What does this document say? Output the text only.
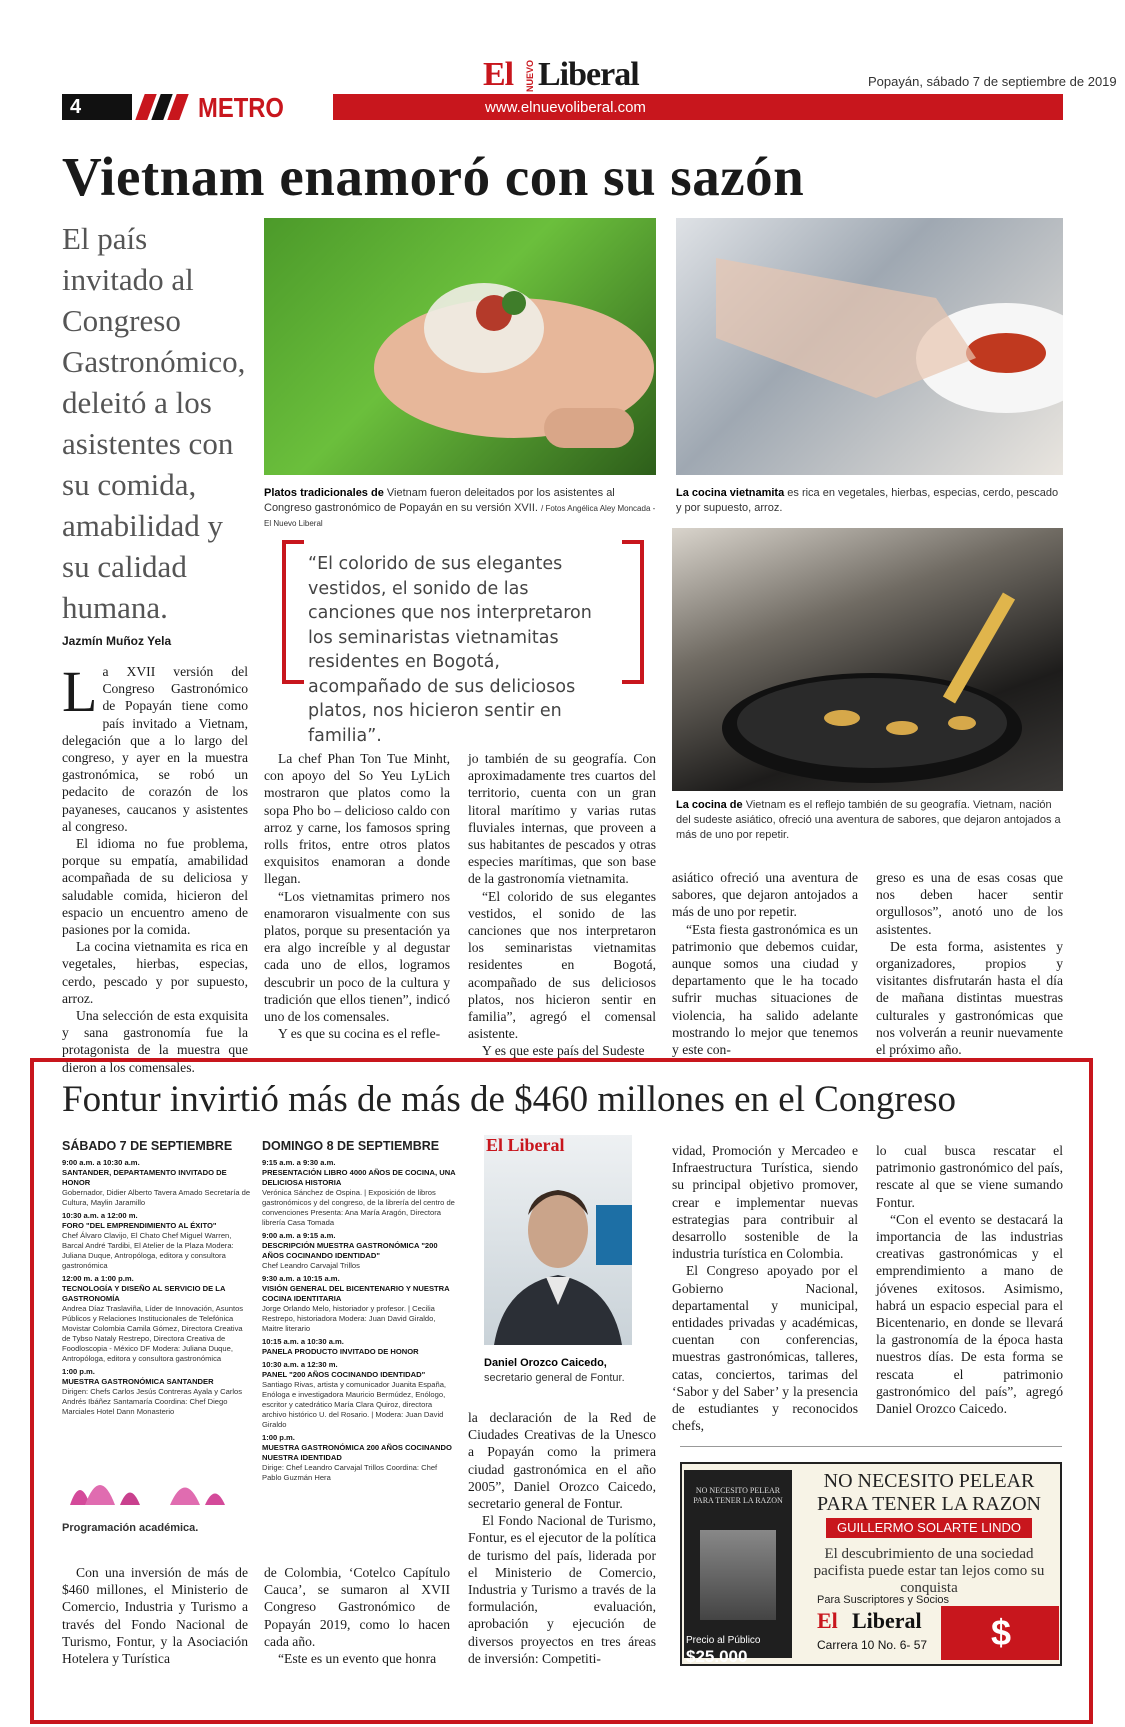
4	METRO
El NUEVO Liberal
www.elnuevoliberal.com
Popayán, sábado 7 de septiembre de 2019
Vietnam enamoró con su sazón
El país invitado al Congreso Gastronómico, deleitó a los asistentes con su comida, amabilidad y su calidad humana.
Jazmín Muñoz Yela
Platos tradicionales de Vietnam fueron deleitados por los asistentes al Congreso gastronómico de Popayán en su versión XVII. / Fotos Angélica Aley Moncada - El Nuevo Liberal
La cocina vietnamita es rica en vegetales, hierbas, especias, cerdo, pescado y por supuesto, arroz.
La cocina de Vietnam es el reflejo también de su geografía. Vietnam, nación del sudeste asiático, ofreció una aventura de sabores, que dejaron antojados a más de uno por repetir.
“El colorido de sus elegantes vestidos, el sonido de las canciones que nos interpretaron los seminaristas vietnamitas residentes en Bogotá, acompañado de sus deliciosos platos, nos hicieron sentir en familia”.

La XVII versión del Congreso Gastronómico de Popayán tiene como país invitado a Vietnam, delegación que a lo largo del congreso, y ayer en la muestra gastronómica, se robó un pedacito de corazón de los payaneses, caucanos y asistentes al congreso.

El idioma no fue problema, porque su empatía, amabilidad acompañada de su deliciosa y saludable comida, hicieron del espacio un encuentro ameno de pasiones por la comida.

La cocina vietnamita es rica en vegetales, hierbas, especias, cerdo, pescado y por supuesto, arroz.

Una selección de esta exquisita y sana gastronomía fue la protagonista de la muestra que dieron a los comensales.

La chef Phan Ton Tue Minht, con apoyo del So Yeu LyLich mostraron que platos como la sopa Pho bo – delicioso caldo con arroz y carne, los famosos spring rolls fritos, entre otros platos exquisitos enamoran a donde llegan.

“Los vietnamitas primero nos enamoraron visualmente con sus platos, porque su presentación ya era algo increíble y al degustar cada uno de ellos, logramos descubrir un poco de la cultura y tradición que ellos tienen”, indicó uno de los comensales.

Y es que su cocina es el refle-

jo también de su geografía. Con aproximadamente tres cuartos del territorio, cuenta con un gran litoral marítimo y varias rutas fluviales internas, que proveen a sus habitantes de pescados y otras especies marítimas, que son base de la gastronomía vietnamita.

“El colorido de sus elegantes vestidos, el sonido de las canciones que nos interpretaron los seminaristas vietnamitas residentes en Bogotá, acompañado de sus deliciosos platos, nos hicieron sentir en familia”, agregó el comensal asistente.

Y es que este país del Sudeste

asiático ofreció una aventura de sabores, que dejaron antojados a más de uno por repetir.

“Esta fiesta gastronómica es un patrimonio que debemos cuidar, aunque somos una ciudad y departamento que le ha tocado sufrir muchas situaciones de violencia, ha salido adelante mostrando lo mejor que tenemos y este con-

greso es una de esas cosas que nos deben hacer sentir orgullosos”, anotó uno de los asistentes.

De esta forma, asistentes y organizadores, propios y visitantes disfrutarán hasta el día de mañana distintas muestras culturales y gastronómicas que nos volverán a reunir nuevamente el próximo año.

Fontur invirtió más de más de $460 millones en el Congreso
SÁBADO 7 DE SEPTIEMBRE
9:00 a.m. a 10:30 a.m.
SANTANDER, DEPARTAMENTO INVITADO DE HONOR
Gobernador, Didier Alberto Tavera Amado Secretaría de Cultura, Maylin Jaramillo
10:30 a.m. a 12:00 m.
FORO "DEL EMPRENDIMIENTO AL ÉXITO"
Chef Álvaro Clavijo, El Chato Chef Miguel Warren, Barcal André Tardibi, El Atelier de la Plaza Modera: Juliana Duque, Antropóloga, editora y consultora gastronómica
12:00 m. a 1:00 p.m.
TECNOLOGÍA Y DISEÑO AL SERVICIO DE LA GASTRONOMÍA
Andrea Díaz Traslaviña, Líder de Innovación, Asuntos Públicos y Relaciones Institucionales de Telefónica Movistar Colombia Camila Gómez, Directora Creativa de Tybso Nataly Restrepo, Directora Creativa de Foodloscopia - México DF Modera: Juliana Duque, Antropóloga, editora y consultora gastronómica
1:00 p.m.
MUESTRA GASTRONÓMICA SANTANDER
Dirigen: Chefs Carlos Jesús Contreras Ayala y Carlos Andrés Ibáñez Santamaría Coordina: Chef Diego Marciales Hotel Dann Monasterio
DOMINGO 8 DE SEPTIEMBRE
9:15 a.m. a 9:30 a.m.
PRESENTACIÓN LIBRO 4000 AÑOS DE COCINA, UNA DELICIOSA HISTORIA
Verónica Sánchez de Ospina. | Exposición de libros gastronómicos y del congreso, de la librería del centro de convenciones Presenta: Ana María Aragón, Directora librería Casa Tomada
9:00 a.m. a 9:15 a.m.
DESCRIPCIÓN MUESTRA GASTRONÓMICA "200 AÑOS COCINANDO IDENTIDAD"
Chef Leandro Carvajal Trillos
9:30 a.m. a 10:15 a.m.
VISIÓN GENERAL DEL BICENTENARIO Y NUESTRA COCINA IDENTITARIA
Jorge Orlando Melo, historiador y profesor. | Cecilia Restrepo, historiadora Modera: Juan David Giraldo, Maitre literario
10:15 a.m. a 10:30 a.m.
PANELA PRODUCTO INVITADO DE HONOR
10:30 a.m. a 12:30 m.
PANEL "200 AÑOS COCINANDO IDENTIDAD"
Santiago Rivas, artista y comunicador Juanita España, Enóloga e investigadora Mauricio Bermúdez, Enólogo, escritor y catedrático María Clara Quiroz, directora archivo histórico U. del Rosario. | Modera: Juan David Giraldo
1:00 p.m.
MUESTRA GASTRONÓMICA 200 AÑOS COCINANDO NUESTRA IDENTIDAD
Dirige: Chef Leandro Carvajal Trillos Coordina: Chef Pablo Guzmán Hera
Programación académica.
El Liberal
Daniel Orozco Caicedo, secretario general de Fontur.

Con una inversión de más de $460 millones, el Ministerio de Comercio, Industria y Turismo a través del Fondo Nacional de Turismo, Fontur, y la Asociación Hotelera y Turística

de Colombia, ‘Cotelco Capítulo Cauca’, se sumaron al XVII Congreso Gastronómico de Popayán 2019, como lo hacen cada año.

“Este es un evento que honra

la declaración de la Red de Ciudades Creativas de la Unesco a Popayán como la primera ciudad gastronómica en el año 2005”, Daniel Orozco Caicedo, secretario general de Fontur.

El Fondo Nacional de Turismo, Fontur, es el ejecutor de la política de turismo del país, liderada por el Ministerio de Comercio, Industria y Turismo a través de la formulación, evaluación, aprobación y ejecución de diversos proyectos en tres áreas de inversión: Competiti-

vidad, Promoción y Mercadeo e Infraestructura Turística, siendo su principal objetivo promover, crear e implementar nuevas estrategias para contribuir al desarrollo sostenible de la industria turística en Colombia.

El Congreso apoyado por el Gobierno Nacional, departamental y municipal, entidades privadas y académicas, cuentan con conferencias, muestras gastronómicas, talleres, catas, conciertos, tarimas del ‘Sabor y del Saber’ y la presencia de estudiantes y reconocidos chefs,

lo cual busca rescatar el patrimonio gastronómico del país, rescate al que se viene sumando Fontur.

“Con el evento se destacará la importancia de las industrias creativas gastronómicas y el emprendimiento a mano de jóvenes exitosos. Asimismo, habrá un espacio especial para el Bicentenario, en donde se llevará la gastronomía de la época hasta nuestros días. De esta forma se rescata el patrimonio gastronómico del país”, agregó Daniel Orozco Caicedo.

NO NECESITO PELEAR PARA TENER LA RAZON
Precio al Público
$25.000
NO NECESITO PELEAR PARA TENER LA RAZON
GUILLERMO SOLARTE LINDO
El descubrimiento de una sociedad pacifista puede estar tan lejos como su conquista
Para Suscriptores y Socios
El Liberal
Carrera 10 No. 6- 57	$ 20.000
